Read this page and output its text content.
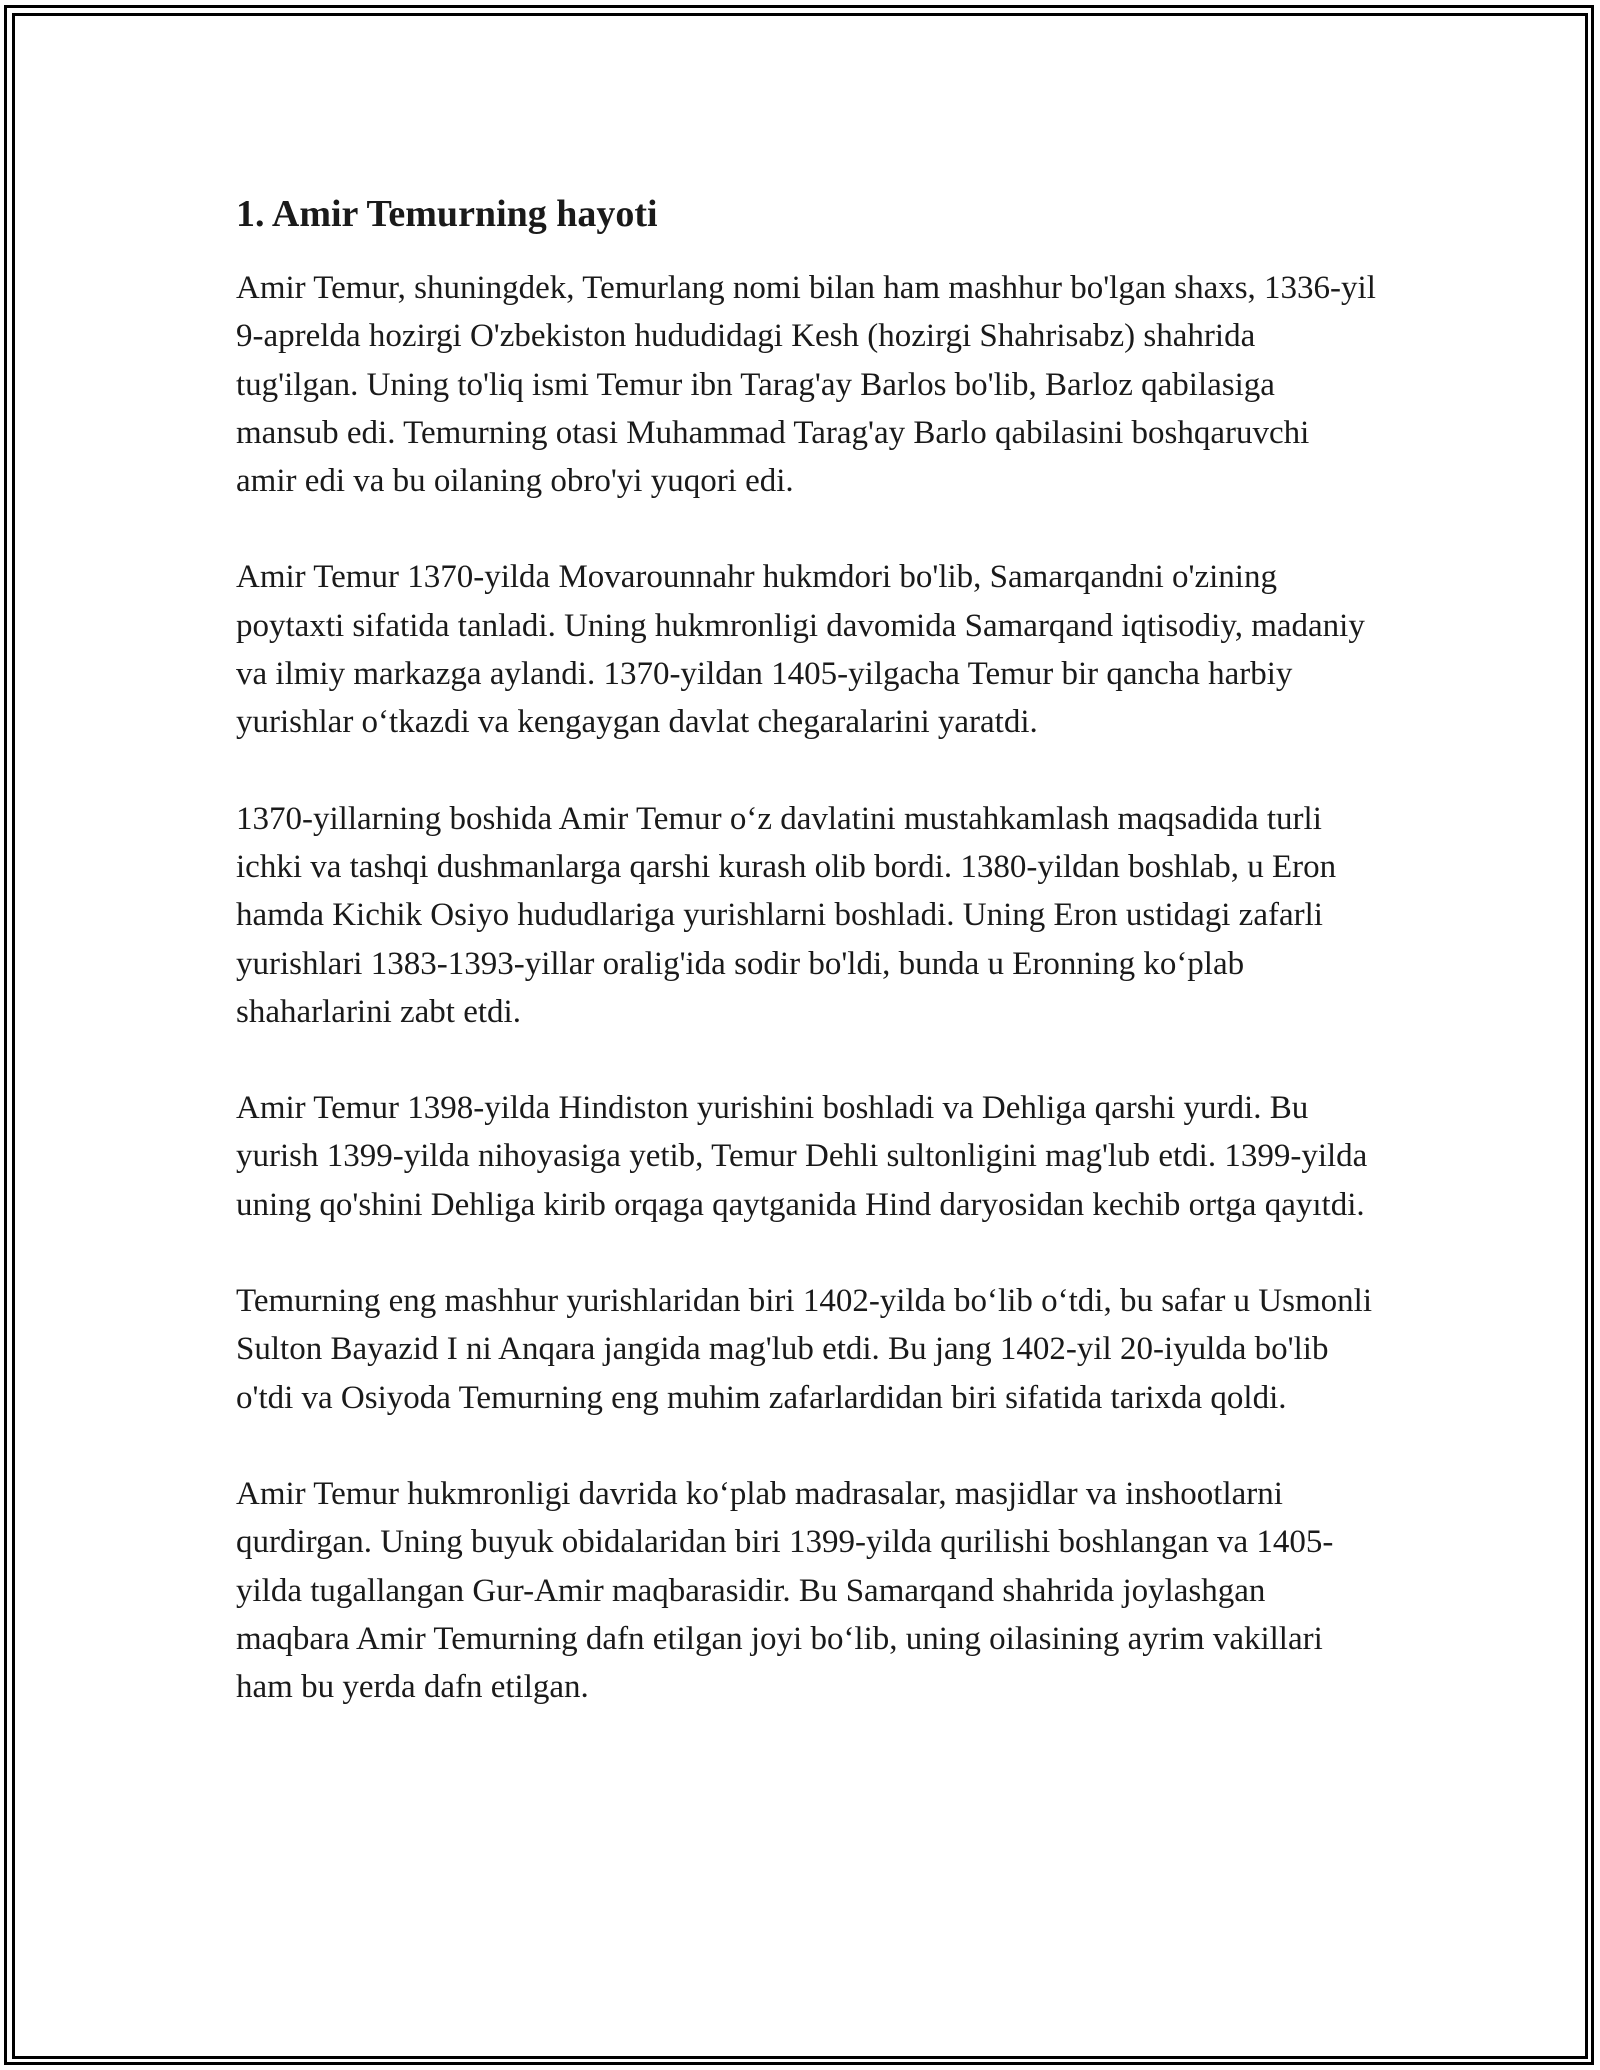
1. Amir Temurning hayoti

Amir Temur, shuningdek, Temurlang nomi bilan ham mashhur bo'lgan shaxs, 1336-yil 9-aprelda hozirgi O'zbekiston hududidagi Kesh (hozirgi Shahrisabz) shahrida tug'ilgan. Uning to'liq ismi Temur ibn Tarag'ay Barlos bo'lib, Barloz qabilasiga mansub edi. Temurning otasi Muhammad Tarag'ay Barlo qabilasini boshqaruvchi amir edi va bu oilaning obro'yi yuqori edi.

Amir Temur 1370-yilda Movarounnahr hukmdori bo'lib, Samarqandni o'zining poytaxti sifatida tanladi. Uning hukmronligi davomida Samarqand iqtisodiy, madaniy va ilmiy markazga aylandi. 1370-yildan 1405-yilgacha Temur bir qancha harbiy yurishlar o‘tkazdi va kengaygan davlat chegaralarini yaratdi.

1370-yillarning boshida Amir Temur o‘z davlatini mustahkamlash maqsadida turli ichki va tashqi dushmanlarga qarshi kurash olib bordi. 1380-yildan boshlab, u Eron hamda Kichik Osiyo hududlariga yurishlarni boshladi. Uning Eron ustidagi zafarli yurishlari 1383-1393-yillar oralig'ida sodir bo'ldi, bunda u Eronning ko‘plab shaharlarini zabt etdi.

Amir Temur 1398-yilda Hindiston yurishini boshladi va Dehliga qarshi yurdi. Bu yurish 1399-yilda nihoyasiga yetib, Temur Dehli sultonligini mag'lub etdi. 1399-yilda uning qo'shini Dehliga kirib orqaga qaytganida Hind daryosidan kechib ortga qayıtdi.

Temurning eng mashhur yurishlaridan biri 1402-yilda bo‘lib o‘tdi, bu safar u Usmonli Sulton Bayazid I ni Anqara jangida mag'lub etdi. Bu jang 1402-yil 20-iyulda bo'lib o'tdi va Osiyoda Temurning eng muhim zafarlardidan biri sifatida tarixda qoldi.

Amir Temur hukmronligi davrida ko‘plab madrasalar, masjidlar va inshootlarni qurdirgan. Uning buyuk obidalaridan biri 1399-yilda qurilishi boshlangan va 1405-yilda tugallangan Gur-Amir maqbarasidir. Bu Samarqand shahrida joylashgan maqbara Amir Temurning dafn etilgan joyi bo‘lib, uning oilasining ayrim vakillari ham bu yerda dafn etilgan.
